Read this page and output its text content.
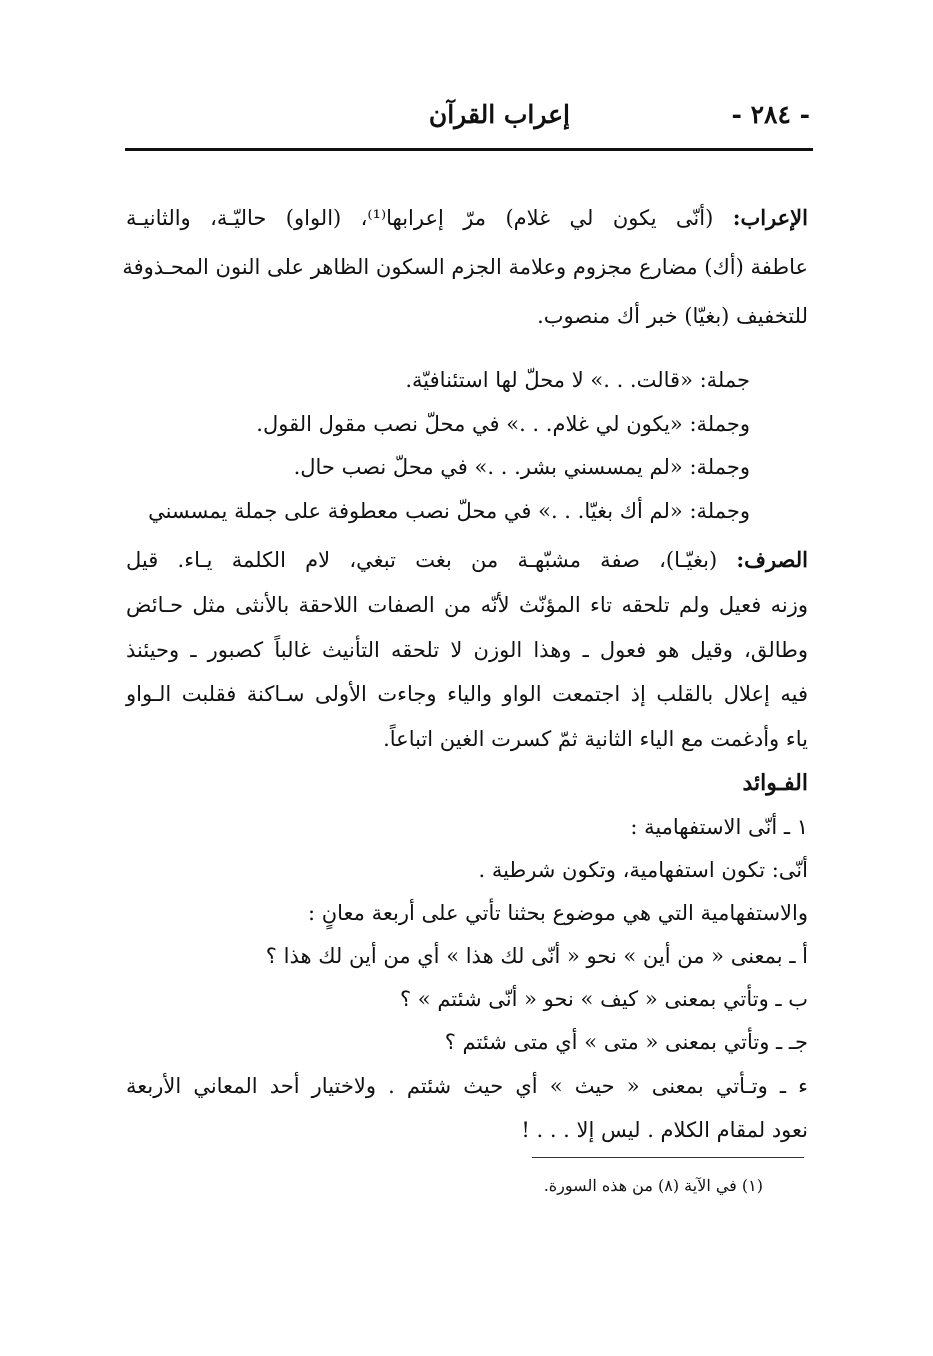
- ٢٨٤ -
إعراب القرآن
الإعراب: (أنّى يكون لي غلام) مرّ إعرابها⁽¹⁾، (الواو) حاليّـة، والثانيـة
عاطفة (أك) مضارع مجزوم وعلامة الجزم السكون الظاهر على النون المحـذوفة
للتخفيف (بغيّا) خبر أك منصوب.
جملة: «قالت. . .» لا محلّ لها استئنافيّة.
وجملة: «يكون لي غلام. . .» في محلّ نصب مقول القول.
وجملة: «لم يمسسني بشر. . .» في محلّ نصب حال.
وجملة: «لم أك بغيّا. . .» في محلّ نصب معطوفة على جملة يمسسني
الصرف: (بغيّـا)، صفة مشبّهـة من بغت تبغي، لام الكلمة يـاء. قيل
وزنه فعيل ولم تلحقه تاء المؤنّث لأنّه من الصفات اللاحقة بالأنثى مثل حـائض
وطالق، وقيل هو فعول ـ وهذا الوزن لا تلحقه التأنيث غالباً كصبور ـ وحيئنذ
فيه إعلال بالقلب إذ اجتمعت الواو والياء وجاءت الأولى سـاكنة فقلبت الـواو
ياء وأدغمت مع الياء الثانية ثمّ كسرت الغين اتباعاً.
الفـوائد
١ ـ أنّى الاستفهامية :
أنّى: تكون استفهامية، وتكون شرطية .
والاستفهامية التي هي موضوع بحثنا تأتي على أربعة معانٍ :
أ ـ بمعنى « من أين » نحو « أنّى لك هذا » أي من أين لك هذا ؟
ب ـ وتأتي بمعنى « كيف » نحو « أنّى شئتم » ؟
جـ ـ وتأتي بمعنى « متى » أي متى شئتم ؟
ء ـ وتـأتي بمعنى « حيث » أي حيث شئتم . ولاختيار أحد المعاني الأربعة
نعود لمقام الكلام . ليس إلا . . . !
(١) في الآية (٨) من هذه السورة.
